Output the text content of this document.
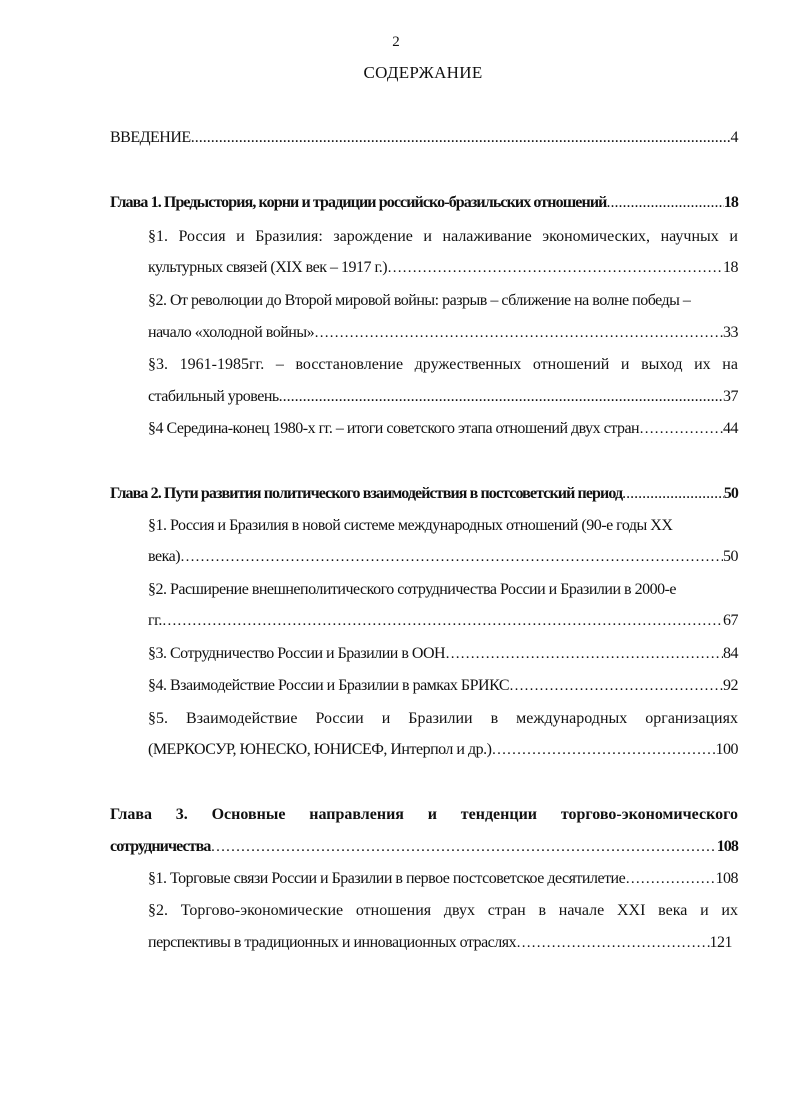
2
СОДЕРЖАНИЕ
ВВЕДЕНИЕ .....	4
Глава 1. Предыстория, корни и традиции российско-бразильских отношений .....	18
§1. Россия и Бразилия: зарождение и налаживание экономических, научных и
культурных связей (XIX век – 1917 г.) …………………………………………………………………………………………………………………………………………………	18
§2. От революции до Второй мировой войны: разрыв – сближение на волне победы –
начало «холодной войны» …………………………………………………………………………………………………………………………………………………	33
§3. 1961-1985гг. – восстановление дружественных отношений и выход их на
стабильный уровень .....	37
§4 Середина-конец 1980-х гг. – итоги советского этапа отношений двух стран …………………………………………………………………………………………………………………………………………………	44
Глава 2. Пути развития политического взаимодействия в постсоветский период .....	50
§1. Россия и Бразилия в новой системе международных отношений (90-е годы XX
века) …………………………………………………………………………………………………………………………………………………	50
§2. Расширение внешнеполитического сотрудничества России и Бразилии в 2000-е
гг. …………………………………………………………………………………………………………………………………………………	67
§3. Сотрудничество России и Бразилии в ООН …………………………………………………………………………………………………………………………………………………	84
§4. Взаимодействие России и Бразилии в рамках БРИКС …………………………………………………………………………………………………………………………………………………	92
§5. Взаимодействие России и Бразилии в международных организациях
(МЕРКОСУР, ЮНЕСКО, ЮНИСЕФ, Интерпол и др.) …………………………………………………………………………………………………………………………………………………	100
Глава 3. Основные направления и тенденции торгово-экономического
сотрудничества …………………………………………………………………………………………………………………………………………………	108
§1. Торговые связи России и Бразилии в первое постсоветское десятилетие …………………………………………………………………………………………………………………………………………………	108
§2. Торгово-экономические отношения двух стран в начале XXI века и их
перспективы в традиционных и инновационных отраслях …………………………………………………………………………………………………………………………………………………	121
